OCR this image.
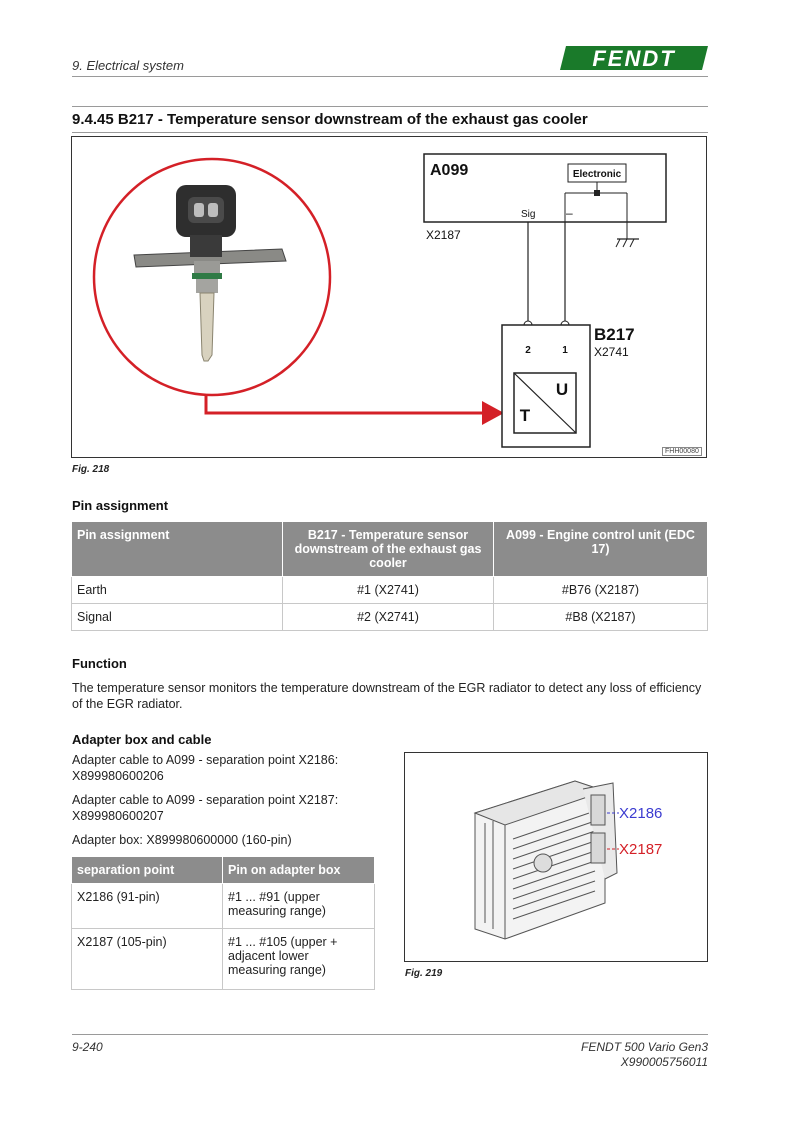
9. Electrical system	FENDT
9.4.45 B217 - Temperature sensor downstream of the exhaust gas cooler
A099	Electronic
Sig	–
X2187
2	1
U
T
B217
X2741
FHH00080
Fig. 218
Pin assignment
Pin assignment	B217 - Temperature sensor downstream of the exhaust gas cooler	A099 - Engine control unit (EDC 17)
Earth	#1 (X2741)	#B76 (X2187)
Signal	#2 (X2741)	#B8 (X2187)
Function
The temperature sensor monitors the temperature downstream of the EGR radiator to detect any loss of efficiency of the EGR radiator.
Adapter box and cable
Adapter cable to A099 - separation point X2186: X899980600206
Adapter cable to A099 - separation point X2187: X899980600207
Adapter box: X899980600000 (160-pin)
separation point	Pin on adapter box
X2186 (91-pin)	#1 ... #91 (upper measuring range)
X2187 (105-pin)	#1 ... #105 (upper + adjacent lower measuring range)
X2186
X2187
Fig. 219
9-240	FENDT 500 Vario Gen3
X990005756011
